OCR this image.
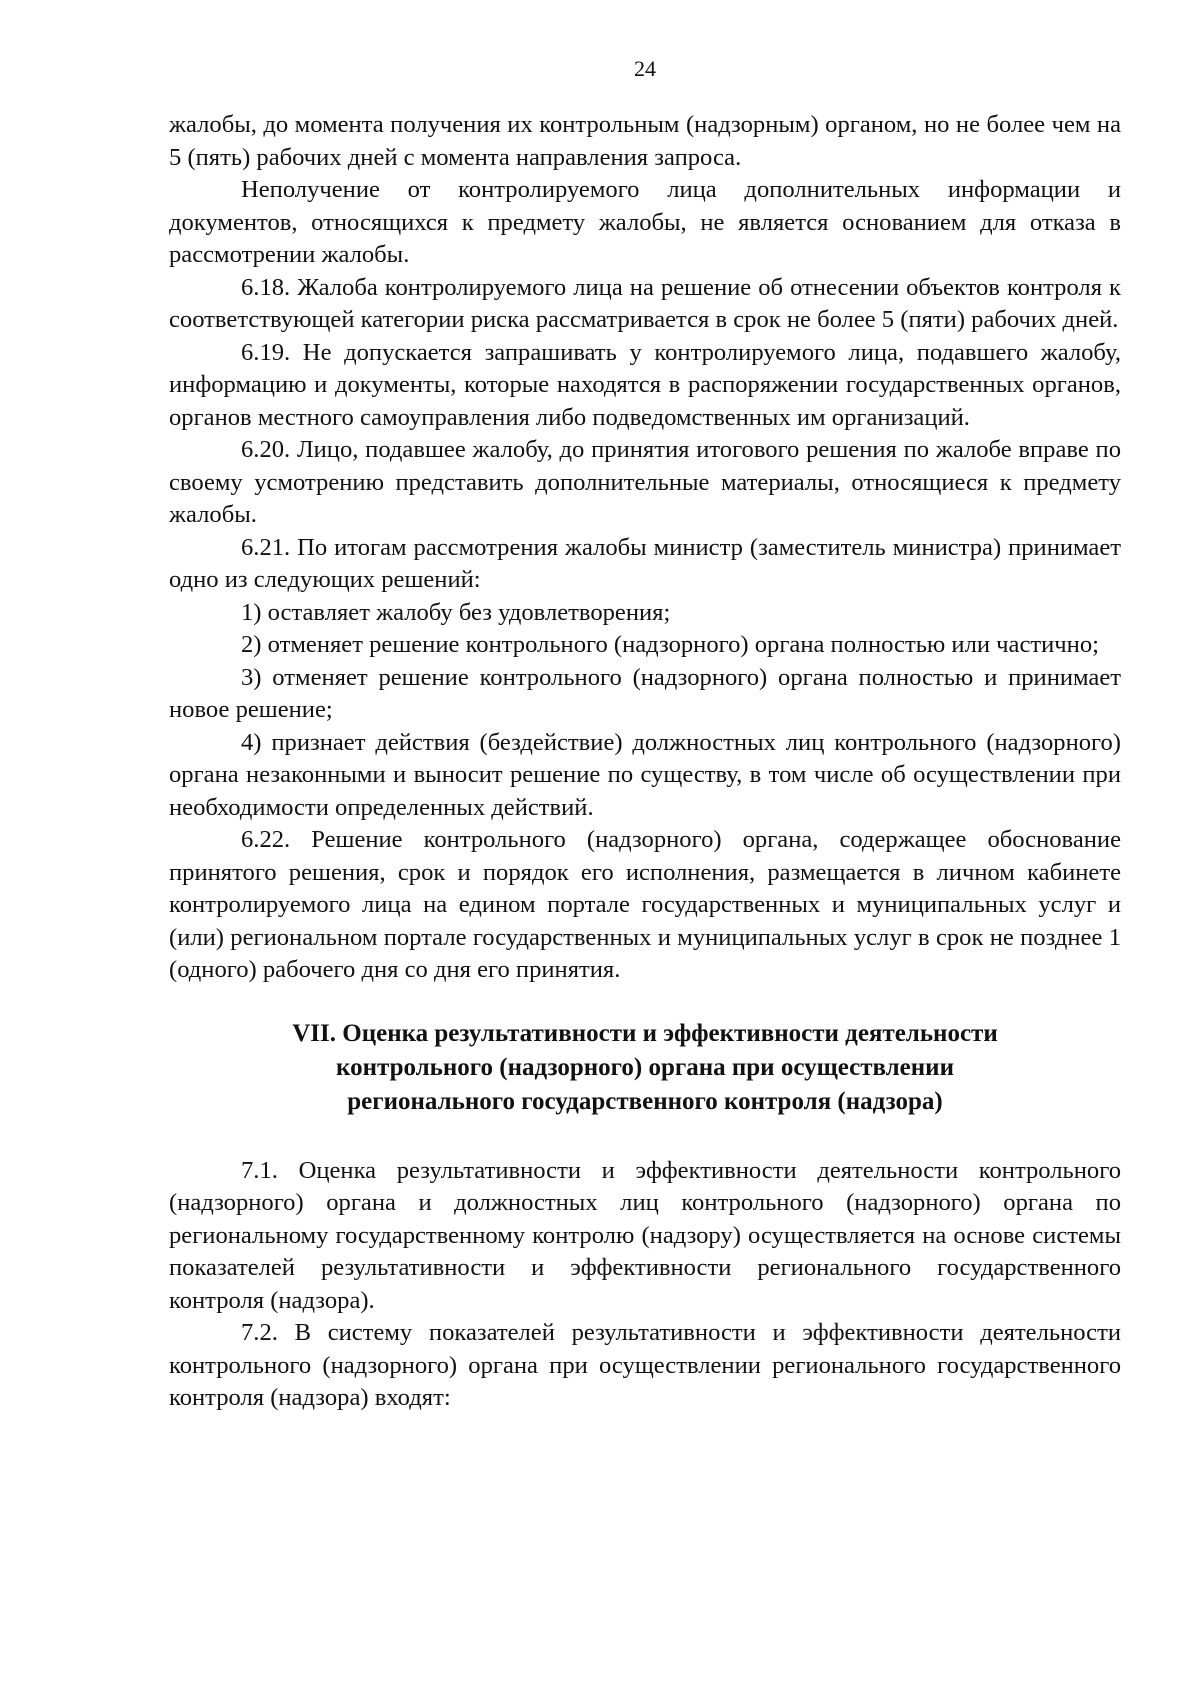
24

жалобы, до момента получения их контрольным (надзорным) органом, но не более чем на 5 (пять) рабочих дней с момента направления запроса.

Неполучение от контролируемого лица дополнительных информации и документов, относящихся к предмету жалобы, не является основанием для отказа в рассмотрении жалобы.

6.18. Жалоба контролируемого лица на решение об отнесении объектов контроля к соответствующей категории риска рассматривается в срок не более 5 (пяти) рабочих дней.

6.19. Не допускается запрашивать у контролируемого лица, подавшего жалобу, информацию и документы, которые находятся в распоряжении государственных органов, органов местного самоуправления либо подведомственных им организаций.

6.20. Лицо, подавшее жалобу, до принятия итогового решения по жалобе вправе по своему усмотрению представить дополнительные материалы, относящиеся к предмету жалобы.

6.21. По итогам рассмотрения жалобы министр (заместитель министра) принимает одно из следующих решений:

1) оставляет жалобу без удовлетворения;

2) отменяет решение контрольного (надзорного) органа полностью или частично;

3) отменяет решение контрольного (надзорного) органа полностью и принимает новое решение;

4) признает действия (бездействие) должностных лиц контрольного (надзорного) органа незаконными и выносит решение по существу, в том числе об осуществлении при необходимости определенных действий.

6.22. Решение контрольного (надзорного) органа, содержащее обоснование принятого решения, срок и порядок его исполнения, размещается в личном кабинете контролируемого лица на едином портале государственных и муниципальных услуг и (или) региональном портале государственных и муниципальных услуг в срок не позднее 1 (одного) рабочего дня со дня его принятия.

VII. Оценка результативности и эффективности деятельности
контрольного (надзорного) органа при осуществлении
регионального государственного контроля (надзора)

7.1. Оценка результативности и эффективности деятельности контрольного (надзорного) органа и должностных лиц контрольного (надзорного) органа по региональному государственному контролю (надзору) осуществляется на основе системы показателей результативности и эффективности регионального государственного контроля (надзора).

7.2. В систему показателей результативности и эффективности деятельности контрольного (надзорного) органа при осуществлении регионального государственного контроля (надзора) входят:
